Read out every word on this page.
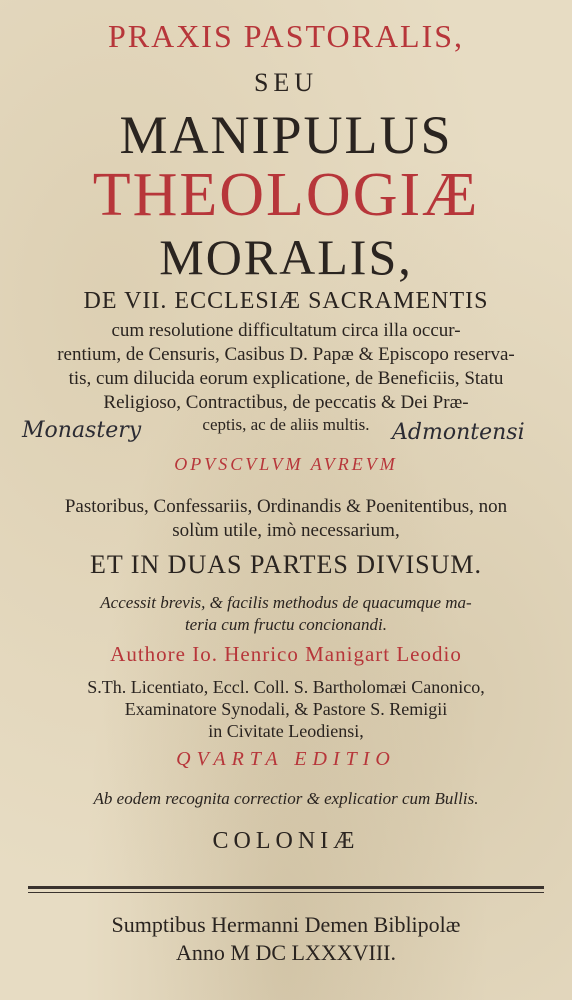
PRAXIS PASTORALIS,
SEU
MANIPULUS
THEOLOGIÆ
MORALIS,
DE VII. ECCLESIÆ SACRAMENTIS
cum resolutione difficultatum circa illa occur-
rentium, de Censuris, Casibus D. Papæ & Episcopo reserva-
tis, cum dilucida eorum explicatione, de Beneficiis, Statu
Religioso, Contractibus, de peccatis & Dei Præ-
ceptis, ac de aliis multis.
Monastery	Admontensi
OPVSCVLVM AVREVM
Pastoribus, Confessariis, Ordinandis & Poenitentibus, non
solùm utile, imò necessarium,
ET IN DUAS PARTES DIVISUM.
Accessit brevis, & facilis methodus de quacumque ma-
teria cum fructu concionandi.
Authore Io. Henrico Manigart Leodio
S.Th. Licentiato, Eccl. Coll. S. Bartholomæi Canonico,
Examinatore Synodali, & Pastore S. Remigii
in Civitate Leodiensi,
QVARTA EDITIO
Ab eodem recognita correctior & explicatior cum Bullis.
COLONIÆ
Sumptibus Hermanni Demen Biblipolæ
Anno M DC LXXXVIII.
